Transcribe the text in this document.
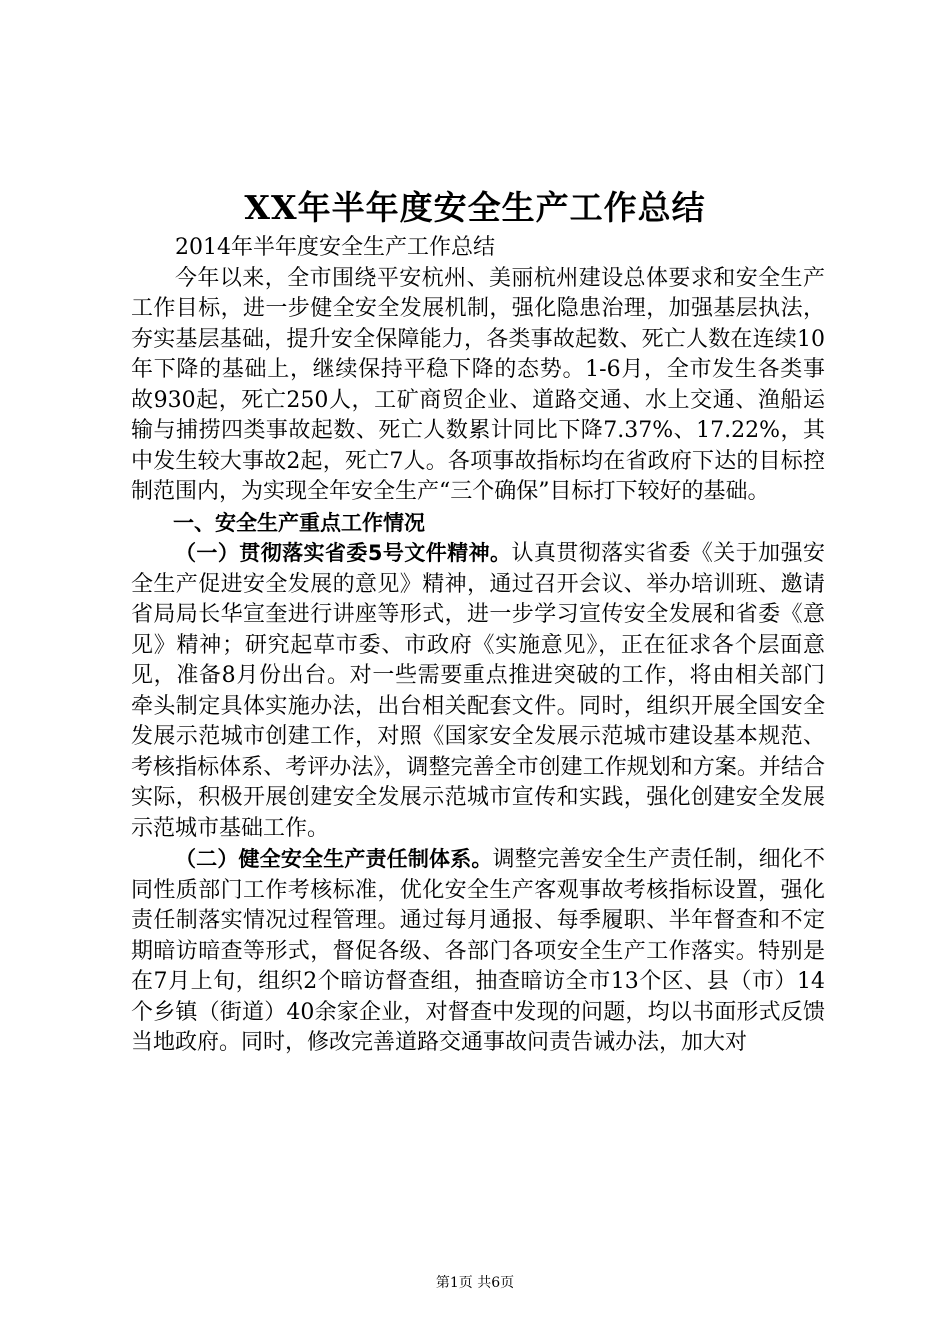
XX年半年度安全生产工作总结

2014年半年度安全生产工作总结

今年以来，全市围绕平安杭州、美丽杭州建设总体要求和安全生产工作目标，进一步健全安全发展机制，强化隐患治理，加强基层执法，夯实基层基础，提升安全保障能力，各类事故起数、死亡人数在连续10年下降的基础上，继续保持平稳下降的态势。1-6月，全市发生各类事故930起，死亡250人，工矿商贸企业、道路交通、水上交通、渔船运输与捕捞四类事故起数、死亡人数累计同比下降7.37%、17.22%，其中发生较大事故2起，死亡7人。各项事故指标均在省政府下达的目标控制范围内，为实现全年安全生产“三个确保”目标打下较好的基础。

一、安全生产重点工作情况

（一）贯彻落实省委5号文件精神。认真贯彻落实省委《关于加强安全生产促进安全发展的意见》精神，通过召开会议、举办培训班、邀请省局局长华宣奎进行讲座等形式，进一步学习宣传安全发展和省委《意见》精神；研究起草市委、市政府《实施意见》，正在征求各个层面意见，准备8月份出台。对一些需要重点推进突破的工作，将由相关部门牵头制定具体实施办法，出台相关配套文件。同时，组织开展全国安全发展示范城市创建工作，对照《国家安全发展示范城市建设基本规范、考核指标体系、考评办法》，调整完善全市创建工作规划和方案。并结合实际，积极开展创建安全发展示范城市宣传和实践，强化创建安全发展示范城市基础工作。

（二）健全安全生产责任制体系。调整完善安全生产责任制，细化不同性质部门工作考核标准，优化安全生产客观事故考核指标设置，强化责任制落实情况过程管理。通过每月通报、每季履职、半年督查和不定期暗访暗查等形式，督促各级、各部门各项安全生产工作落实。特别是在7月上旬，组织2个暗访督查组，抽查暗访全市13个区、县（市）14个乡镇（街道）40余家企业，对督查中发现的问题，均以书面形式反馈当地政府。同时，修改完善道路交通事故问责告诫办法，加大对

第1页 共6页
